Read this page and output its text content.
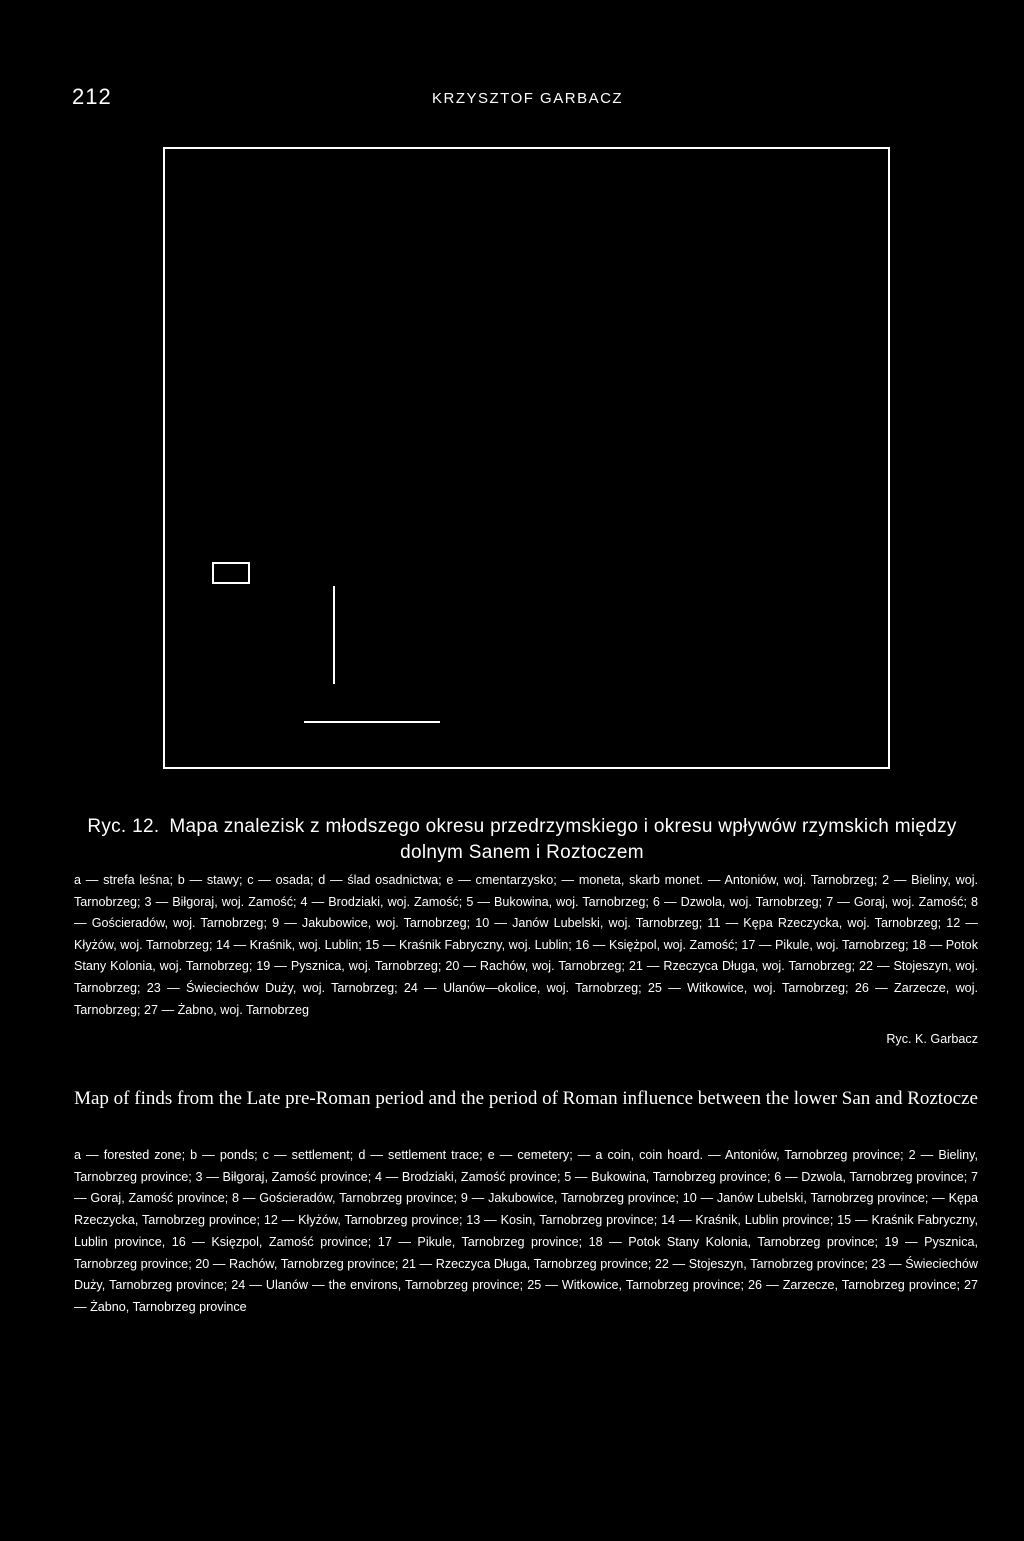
212	KRZYSZTOF GARBACZ
Ryc. 12. Mapa znalezisk z młodszego okresu przedrzymskiego i okresu wpływów rzymskich między dolnym Sanem i Roztoczem
a — strefa leśna; b — stawy; c — osada; d — ślad osadnictwa; e — cmentarzysko; — moneta, skarb monet. — Antoniów, woj. Tarnobrzeg; 2 — Bieliny, woj. Tarnobrzeg; 3 — Biłgoraj, woj. Zamość; 4 — Brodziaki, woj. Zamość; 5 — Bukowina, woj. Tarnobrzeg; 6 — Dzwola, woj. Tarnobrzeg; 7 — Goraj, woj. Zamość; 8 — Gościeradów, woj. Tarnobrzeg; 9 — Jakubowice, woj. Tarnobrzeg; 10 — Janów Lubelski, woj. Tarnobrzeg; 11 — Kępa Rzeczycka, woj. Tarnobrzeg; 12 — Kłyżów, woj. Tarnobrzeg; 14 — Kraśnik, woj. Lublin; 15 — Kraśnik Fabryczny, woj. Lublin; 16 — Księżpol, woj. Zamość; 17 — Pikule, woj. Tarnobrzeg; 18 — Potok Stany Kolonia, woj. Tarnobrzeg; 19 — Pysznica, woj. Tarnobrzeg; 20 — Rachów, woj. Tarnobrzeg; 21 — Rzeczyca Długa, woj. Tarnobrzeg; 22 — Stojeszyn, woj. Tarnobrzeg; 23 — Świeciechów Duży, woj. Tarnobrzeg; 24 — Ulanów—okolice, woj. Tarnobrzeg; 25 — Witkowice, woj. Tarnobrzeg; 26 — Zarzecze, woj. Tarnobrzeg; 27 — Żabno, woj. Tarnobrzeg
Ryc. K. Garbacz
Map of finds from the Late pre-Roman period and the period of Roman influence between the lower San and Roztocze
a — forested zone; b — ponds; c — settlement; d — settlement trace; e — cemetery; — a coin, coin hoard. — Antoniów, Tarnobrzeg province; 2 — Bieliny, Tarnobrzeg province; 3 — Biłgoraj, Zamość province; 4 — Brodziaki, Zamość province; 5 — Bukowina, Tarnobrzeg province; 6 — Dzwola, Tarnobrzeg province; 7 — Goraj, Zamość province; 8 — Gościeradów, Tarnobrzeg province; 9 — Jakubowice, Tarnobrzeg province; 10 — Janów Lubelski, Tarnobrzeg province; — Kępa Rzeczycka, Tarnobrzeg province; 12 — Kłyżów, Tarnobrzeg province; 13 — Kosin, Tarnobrzeg province; 14 — Kraśnik, Lublin province; 15 — Kraśnik Fabryczny, Lublin province, 16 — Księzpol, Zamość province; 17 — Pikule, Tarnobrzeg province; 18 — Potok Stany Kolonia, Tarnobrzeg province; 19 — Pysznica, Tarnobrzeg province; 20 — Rachów, Tarnobrzeg province; 21 — Rzeczyca Długa, Tarnobrzeg province; 22 — Stojeszyn, Tarnobrzeg province; 23 — Świeciechów Duży, Tarnobrzeg province; 24 — Ulanów — the environs, Tarnobrzeg province; 25 — Witkowice, Tarnobrzeg province; 26 — Zarzecze, Tarnobrzeg province; 27 — Żabno, Tarnobrzeg province
